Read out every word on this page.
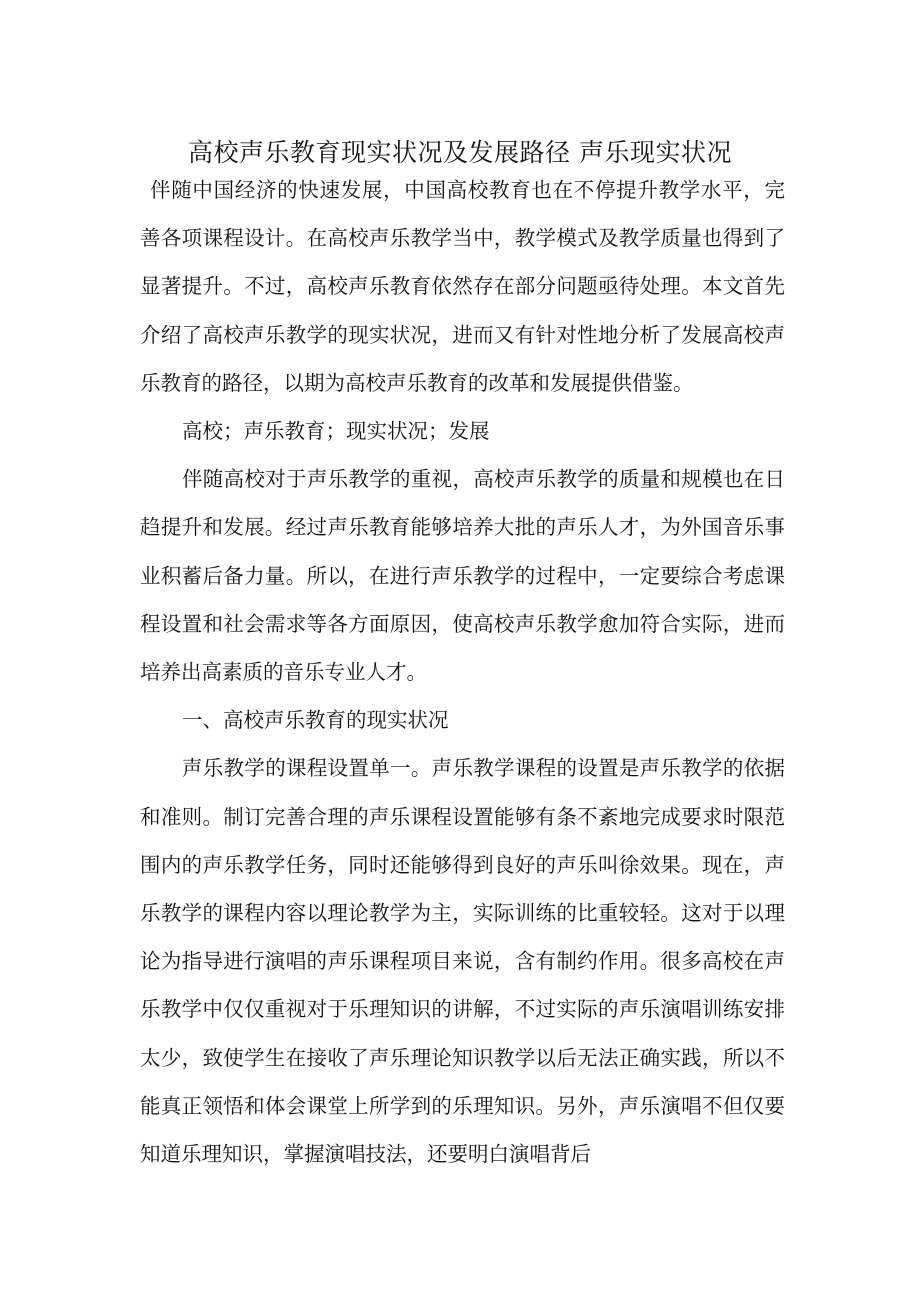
高校声乐教育现实状况及发展路径 声乐现实状况

伴随中国经济的快速发展，中国高校教育也在不停提升教学水平，完善各项课程设计。在高校声乐教学当中，教学模式及教学质量也得到了显著提升。不过，高校声乐教育依然存在部分问题亟待处理。本文首先介绍了高校声乐教学的现实状况，进而又有针对性地分析了发展高校声乐教育的路径，以期为高校声乐教育的改革和发展提供借鉴。

高校；声乐教育；现实状况；发展

伴随高校对于声乐教学的重视，高校声乐教学的质量和规模也在日趋提升和发展。经过声乐教育能够培养大批的声乐人才，为外国音乐事业积蓄后备力量。所以，在进行声乐教学的过程中，一定要综合考虑课程设置和社会需求等各方面原因，使高校声乐教学愈加符合实际，进而培养出高素质的音乐专业人才。

一、高校声乐教育的现实状况

声乐教学的课程设置单一。声乐教学课程的设置是声乐教学的依据和准则。制订完善合理的声乐课程设置能够有条不紊地完成要求时限范围内的声乐教学任务，同时还能够得到良好的声乐叫徐效果。现在，声乐教学的课程内容以理论教学为主，实际训练的比重较轻。这对于以理论为指导进行演唱的声乐课程项目来说，含有制约作用。很多高校在声乐教学中仅仅重视对于乐理知识的讲解，不过实际的声乐演唱训练安排太少，致使学生在接收了声乐理论知识教学以后无法正确实践，所以不能真正领悟和体会课堂上所学到的乐理知识。另外，声乐演唱不但仅要知道乐理知识，掌握演唱技法，还要明白演唱背后
